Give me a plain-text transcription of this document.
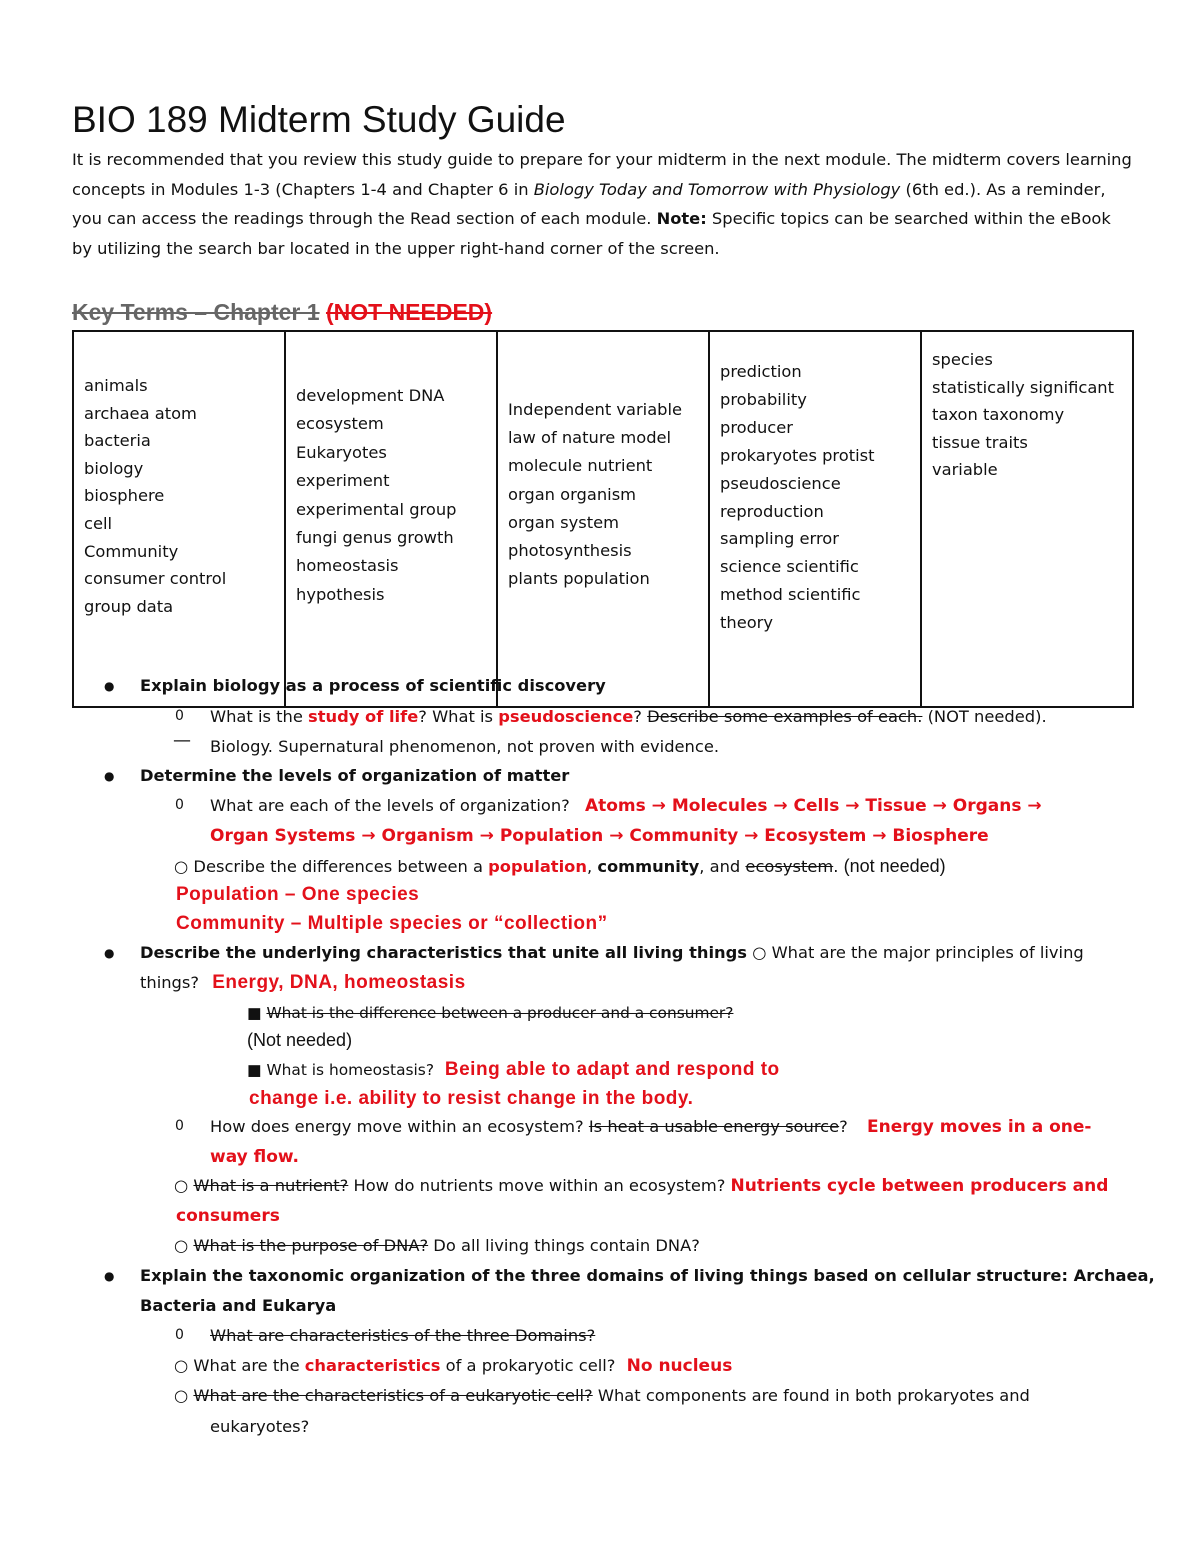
BIO 189 Midterm Study Guide
It is recommended that you review this study guide to prepare for your midterm in the next module. The midterm covers learning concepts in Modules 1-3 (Chapters 1-4 and Chapter 6 in Biology Today and Tomorrow with Physiology (6th ed.). As a reminder, you can access the readings through the Read section of each module. Note: Specific topics can be searched within the eBook by utilizing the search bar located in the upper right-hand corner of the screen.
Key Terms – Chapter 1 (NOT NEEDED)
animals
archaea atom
bacteria
biology
biosphere
cell
Community
consumer control
group data

development DNA
ecosystem
Eukaryotes
experiment
experimental group
fungi genus growth
homeostasis
hypothesis

Independent variable
law of nature model
molecule nutrient
organ organism
organ system
photosynthesis
plants population

prediction
probability
producer
prokaryotes protist
pseudoscience
reproduction
sampling error
science scientific
method scientific
theory

species
statistically significant
taxon taxonomy
tissue traits
variable
● Explain biology as a process of scientific discovery
0 What is the study of life? What is pseudoscience? Describe some examples of each. (NOT needed).
— Biology. Supernatural phenomenon, not proven with evidence.
● Determine the levels of organization of matter
0 What are each of the levels of organization? Atoms → Molecules → Cells → Tissue → Organs →
Organ Systems → Organism → Population → Community → Ecosystem → Biosphere
○ Describe the differences between a population, community, and ecosystem. (not needed)
Population – One species
Community – Multiple species or “collection”
● Describe the underlying characteristics that unite all living things ○ What are the major principles of living
things? Energy, DNA, homeostasis
■ What is the difference between a producer and a consumer?
(Not needed)
■ What is homeostasis? Being able to adapt and respond to
change i.e. ability to resist change in the body.
0 How does energy move within an ecosystem? Is heat a usable energy source? Energy moves in a one-
way flow.
○ What is a nutrient? How do nutrients move within an ecosystem? Nutrients cycle between producers and
consumers
○ What is the purpose of DNA? Do all living things contain DNA?
● Explain the taxonomic organization of the three domains of living things based on cellular structure: Archaea,
Bacteria and Eukarya
0 What are characteristics of the three Domains?
○ What are the characteristics of a prokaryotic cell? No nucleus
○ What are the characteristics of a eukaryotic cell? What components are found in both prokaryotes and
eukaryotes?
